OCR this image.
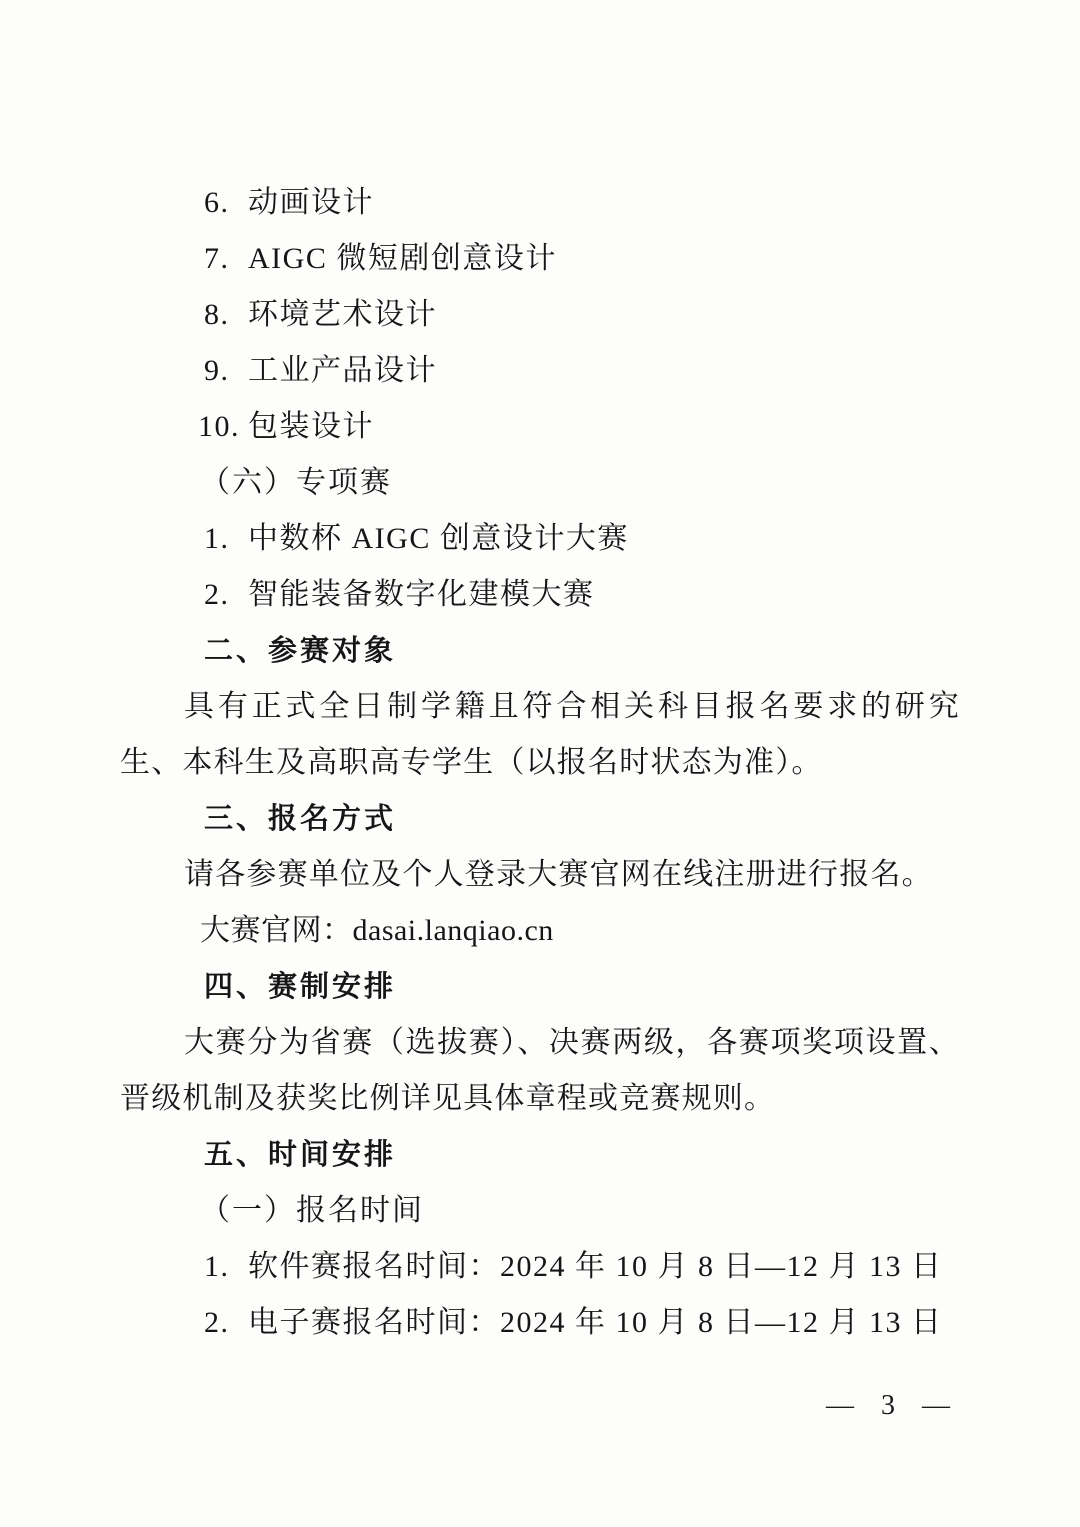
6. 动画设计
7. AIGC 微短剧创意设计
8. 环境艺术设计
9. 工业产品设计
10. 包装设计
（六）专项赛
1. 中数杯 AIGC 创意设计大赛
2. 智能装备数字化建模大赛
二、参赛对象
具有正式全日制学籍且符合相关科目报名要求的研究生、本科生及高职高专学生（以报名时状态为准）。
三、报名方式
请各参赛单位及个人登录大赛官网在线注册进行报名。
大赛官网：dasai.lanqiao.cn
四、赛制安排
大赛分为省赛（选拔赛）、决赛两级，各赛项奖项设置、晋级机制及获奖比例详见具体章程或竞赛规则。
五、时间安排
（一）报名时间
1. 软件赛报名时间：2024 年 10 月 8 日—12 月 13 日
2. 电子赛报名时间：2024 年 10 月 8 日—12 月 13 日
— 3 —
